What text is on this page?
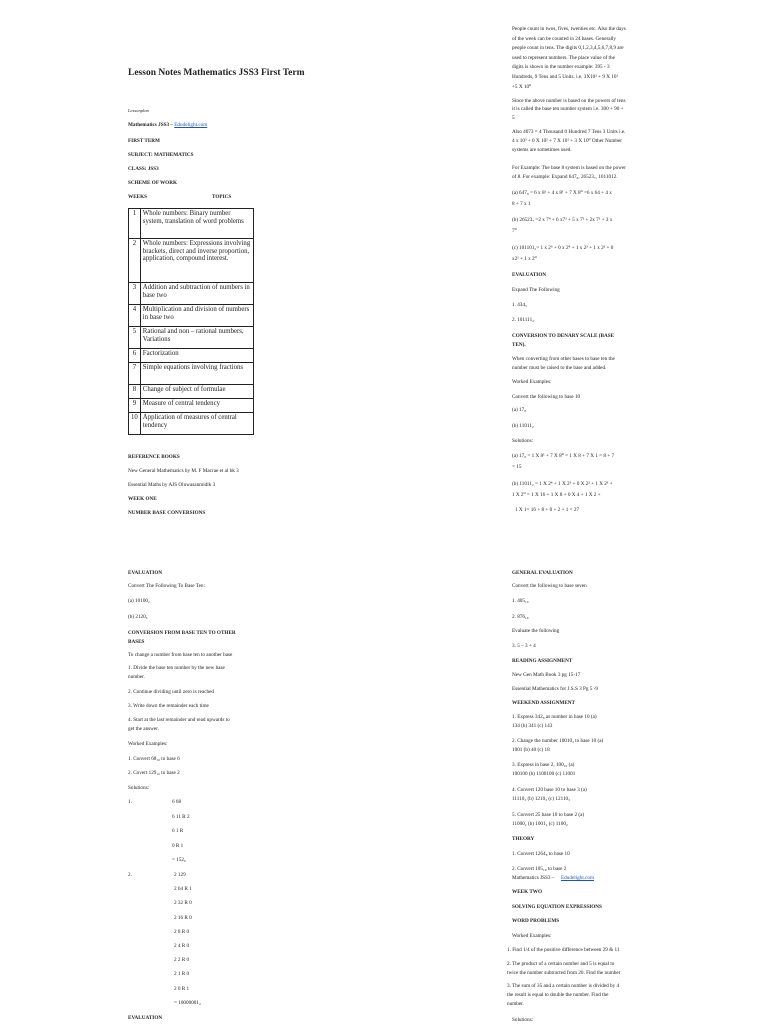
Lesson Notes Mathematics JSS3 First Term
Lessonplan
Mathematics JSS3 – Edudelight.com
FIRST TERM
SUBJECT: MATHEMATICS
CLASS: JSS3
SCHEME OF WORK
WEEKS	TOPICS
1	Whole numbers: Binary number system, translation of word problems
2	Whole numbers: Expressions involving brackets, direct and inverse proportion, application, compound interest.
3	Addition and subtraction of numbers in base two
4	Multiplication and division of numbers in base two
5	Rational and non – rational numbers, Variations
6	Factorization
7	Simple equations involving fractions
8	Change of subject of formulae
9	Measure of central tendency
10	Application of measures of central tendency
REFERENCE BOOKS
New General Mathematics by M. F Macrae et al bk 3
Essential Maths by AJS Oluwasanmidlk 3
WEEK ONE
NUMBER BASE CONVERSIONS
People count in twos, fives, twenties etc. Also the days
of the week can be counted in 24 bases. Generally
people count in tens. The digits 0,1,2,3,4,5,6,7,8,9 are
used to represent numbers. The place value of the
digits is shown in the number example: 395 - 3
Hundreds, 9 Tens and 5 Units. i.e. 3X10² + 9 X 10¹
+5 X 10⁰
Since the above number is based on the powers of tens
it is called the base ten number system i.e. 300 + 90 +
5
Also 4073 = 4 Thousand 0 Hundred 7 Tens 3 Units i.e.
4 x 10³ + 0 X 10² + 7 X 10¹ + 3 X 10⁰ Other Number
systems are sometimes used.
For Example: The base 8 system is based on the power
of 8. For example: Expand 647₈, 26523₇, 1011012.
(a) 647₈ = 6 x 8² + 4 x 8¹ + 7 X 8⁰ =6 x 64 + 4 x
8 + 7 x 1
(b) 26523₇ =2 x 7⁴ + 6 x7³ + 5 x 7² + 2x 7¹ + 3 x
7⁰
(c) 101101₂= 1 x 2⁵ + 0 x 2⁴ + 1 x 2³ + 1 x 2² + 0
x2¹ + 1 x 2⁰
EVALUATION
Expand The Following
1. 434₅
2. 101111₂
CONVERSION TO DENARY SCALE (BASE
TEN).
When converting from other bases to base ten the
number must be raised to the base and added.
Worked Examples:
Convert the following to base 10
(a) 17₈
(b) 11011₂
Solutions:
(a) 17₈ = 1 X 8¹ + 7 X 8⁰ = 1 X 8 + 7 X 1 = 8 + 7
= 15
(b) 11011₂ = 1 X 2⁴ + 1 X 2³ + 0 X 2² + 1 X 2¹ +
1 X 2⁰ = 1 X 16 + 1 X 8 + 0 X 4 + 1 X 2 +
1 X 1= 16 + 8 + 0 + 2 + 1 = 27
EVALUATION
Convert The Following To Base Ten:
(a) 10100₂
(b) 2120₃
CONVERSION FROM BASE TEN TO OTHER
BASES
To change a number from base ten to another base
1. Divide the base ten number by the new base
number.
2. Continue dividing until zero is reached
3. Write down the remainder each time
4. Start at the last remainder and read upwards to
get the answer.
Worked Examples:
1. Convert 68₁₀ to base 6
2. Covert 129₁₀ to base 2
Solutions:
1.	6 68
6 11 R 2
6 1 R
0 R 1
= 152₆
2.	2 129
2 64 R 1
2 32 R 0
2 16 R 0
2 8 R 0
2 4 R 0
2 2 R 0
2 1 R 0
2 0 R 1
= 10000001₂
EVALUATION
GENERAL EVALUATION
Convert the following to base seven
1. 405₁₀
2. 876₁₀
Evaluate the following
3. 5 – 3 + 4
READING ASSIGNMENT
New Gen Math Book 3 pg 15-17
Essential Mathematics for J.S.S 3 Pg 5 -9
WEEKEND ASSIGNMENT
1. Express 342₈ as number in base 10 (a)
134 (b) 341 (c) 143
2. Change the number 10010₂ to base 10 (a)
1001 (b) 40 (c) 18
3. Express in base 2, 100₁₀ (a)
100100 (b) 1100100 (c) 11001
4. Convert 120 base 10 to base 3 (a)
11110₃ (b) 1210₃ (c) 12110₃
5. Convert 25 base 10 to base 2 (a)
11000₂ (b) 1001₂ (c) 1100₂
THEORY
1. Convert 1264₈ to base 10
2. Convert 105₁₀ to base 2
Mathematics JSS3 – Edudelight.com
WEEK TWO
SOLVING EQUATION EXPRESSIONS
WORD PROBLEMS
Worked Examples:
1. Find 1/4 of the positive difference between 29 & 11
2. The product of a certain number and 5 is equal to
twice the number subtracted from 20. Find the number
3. The sum of 35 and a certain number is divided by 4
the result is equal to double the number. Find the
number.
Solutions:
